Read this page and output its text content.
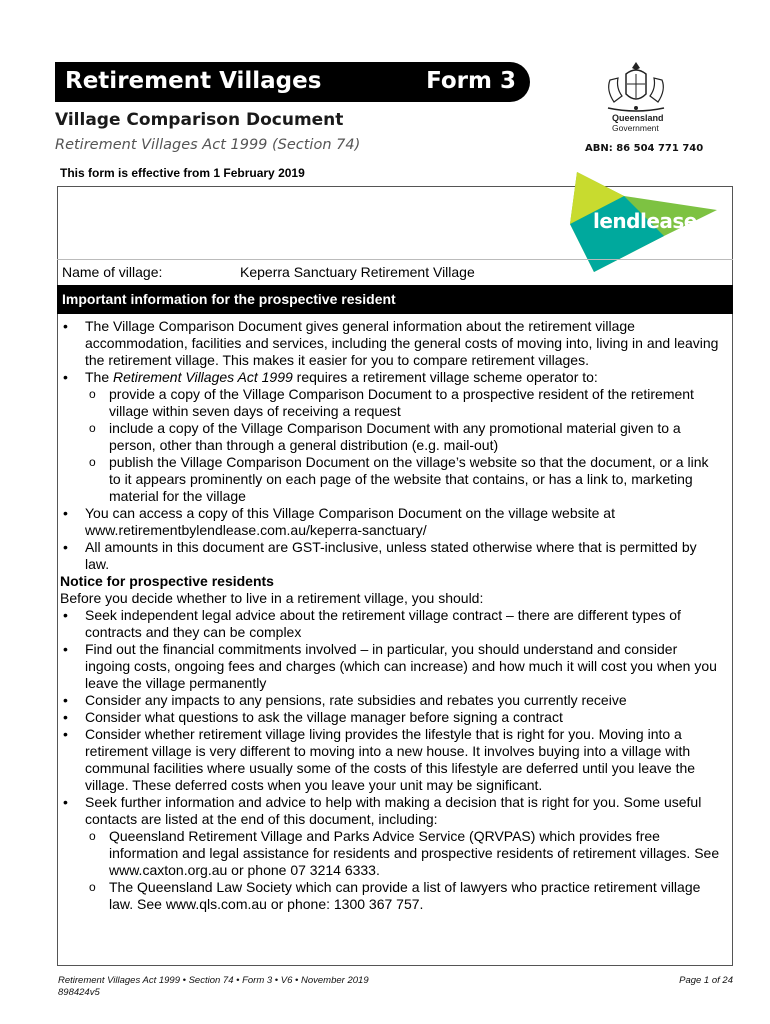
Retirement Villages	Form 3
Village Comparison Document
Retirement Villages Act 1999 (Section 74)
Queensland
Government
ABN: 86 504 771 740
This form is effective from 1 February 2019
lendlease
Name of village:	Keperra Sanctuary Retirement Village
Important information for the prospective resident
• The Village Comparison Document gives general information about the retirement village accommodation, facilities and services, including the general costs of moving into, living in and leaving the retirement village. This makes it easier for you to compare retirement villages.
• The Retirement Villages Act 1999 requires a retirement village scheme operator to:
o provide a copy of the Village Comparison Document to a prospective resident of the retirement village within seven days of receiving a request
o include a copy of the Village Comparison Document with any promotional material given to a person, other than through a general distribution (e.g. mail-out)
o publish the Village Comparison Document on the village’s website so that the document, or a link to it appears prominently on each page of the website that contains, or has a link to, marketing material for the village
• You can access a copy of this Village Comparison Document on the village website at www.retirementbylendlease.com.au/keperra-sanctuary/
• All amounts in this document are GST-inclusive, unless stated otherwise where that is permitted by law.
Notice for prospective residents
Before you decide whether to live in a retirement village, you should:
• Seek independent legal advice about the retirement village contract – there are different types of contracts and they can be complex
• Find out the financial commitments involved – in particular, you should understand and consider ingoing costs, ongoing fees and charges (which can increase) and how much it will cost you when you leave the village permanently
• Consider any impacts to any pensions, rate subsidies and rebates you currently receive
• Consider what questions to ask the village manager before signing a contract
• Consider whether retirement village living provides the lifestyle that is right for you. Moving into a retirement village is very different to moving into a new house. It involves buying into a village with communal facilities where usually some of the costs of this lifestyle are deferred until you leave the village. These deferred costs when you leave your unit may be significant.
• Seek further information and advice to help with making a decision that is right for you. Some useful contacts are listed at the end of this document, including:
o Queensland Retirement Village and Parks Advice Service (QRVPAS) which provides free information and legal assistance for residents and prospective residents of retirement villages. See www.caxton.org.au or phone 07 3214 6333.
o The Queensland Law Society which can provide a list of lawyers who practice retirement village law. See www.qls.com.au or phone: 1300 367 757.
Retirement Villages Act 1999 • Section 74 • Form 3 • V6 • November 2019
898424v5
Page 1 of 24
